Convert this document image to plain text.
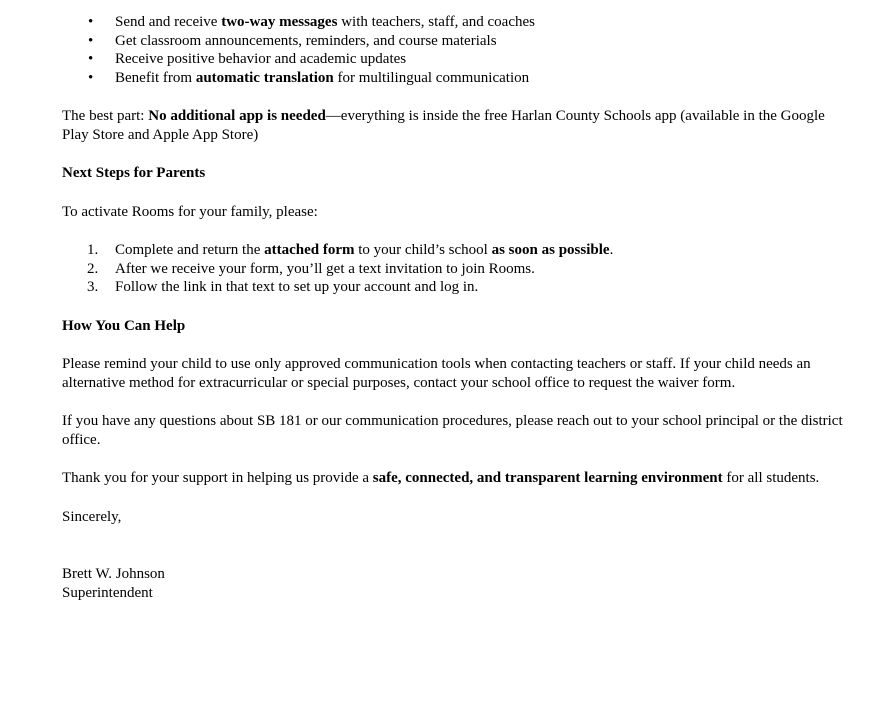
• Send and receive two-way messages with teachers, staff, and coaches
• Get classroom announcements, reminders, and course materials
• Receive positive behavior and academic updates
• Benefit from automatic translation for multilingual communication

The best part: No additional app is needed—everything is inside the free Harlan County Schools app (available in the Google Play Store and Apple App Store)

Next Steps for Parents

To activate Rooms for your family, please:

1. Complete and return the attached form to your child’s school as soon as possible.
2. After we receive your form, you’ll get a text invitation to join Rooms.
3. Follow the link in that text to set up your account and log in.

How You Can Help

Please remind your child to use only approved communication tools when contacting teachers or staff. If your child needs an alternative method for extracurricular or special purposes, contact your school office to request the waiver form.

If you have any questions about SB 181 or our communication procedures, please reach out to your school principal or the district office.

Thank you for your support in helping us provide a safe, connected, and transparent learning environment for all students.

Sincerely,

Brett W. Johnson

Superintendent
